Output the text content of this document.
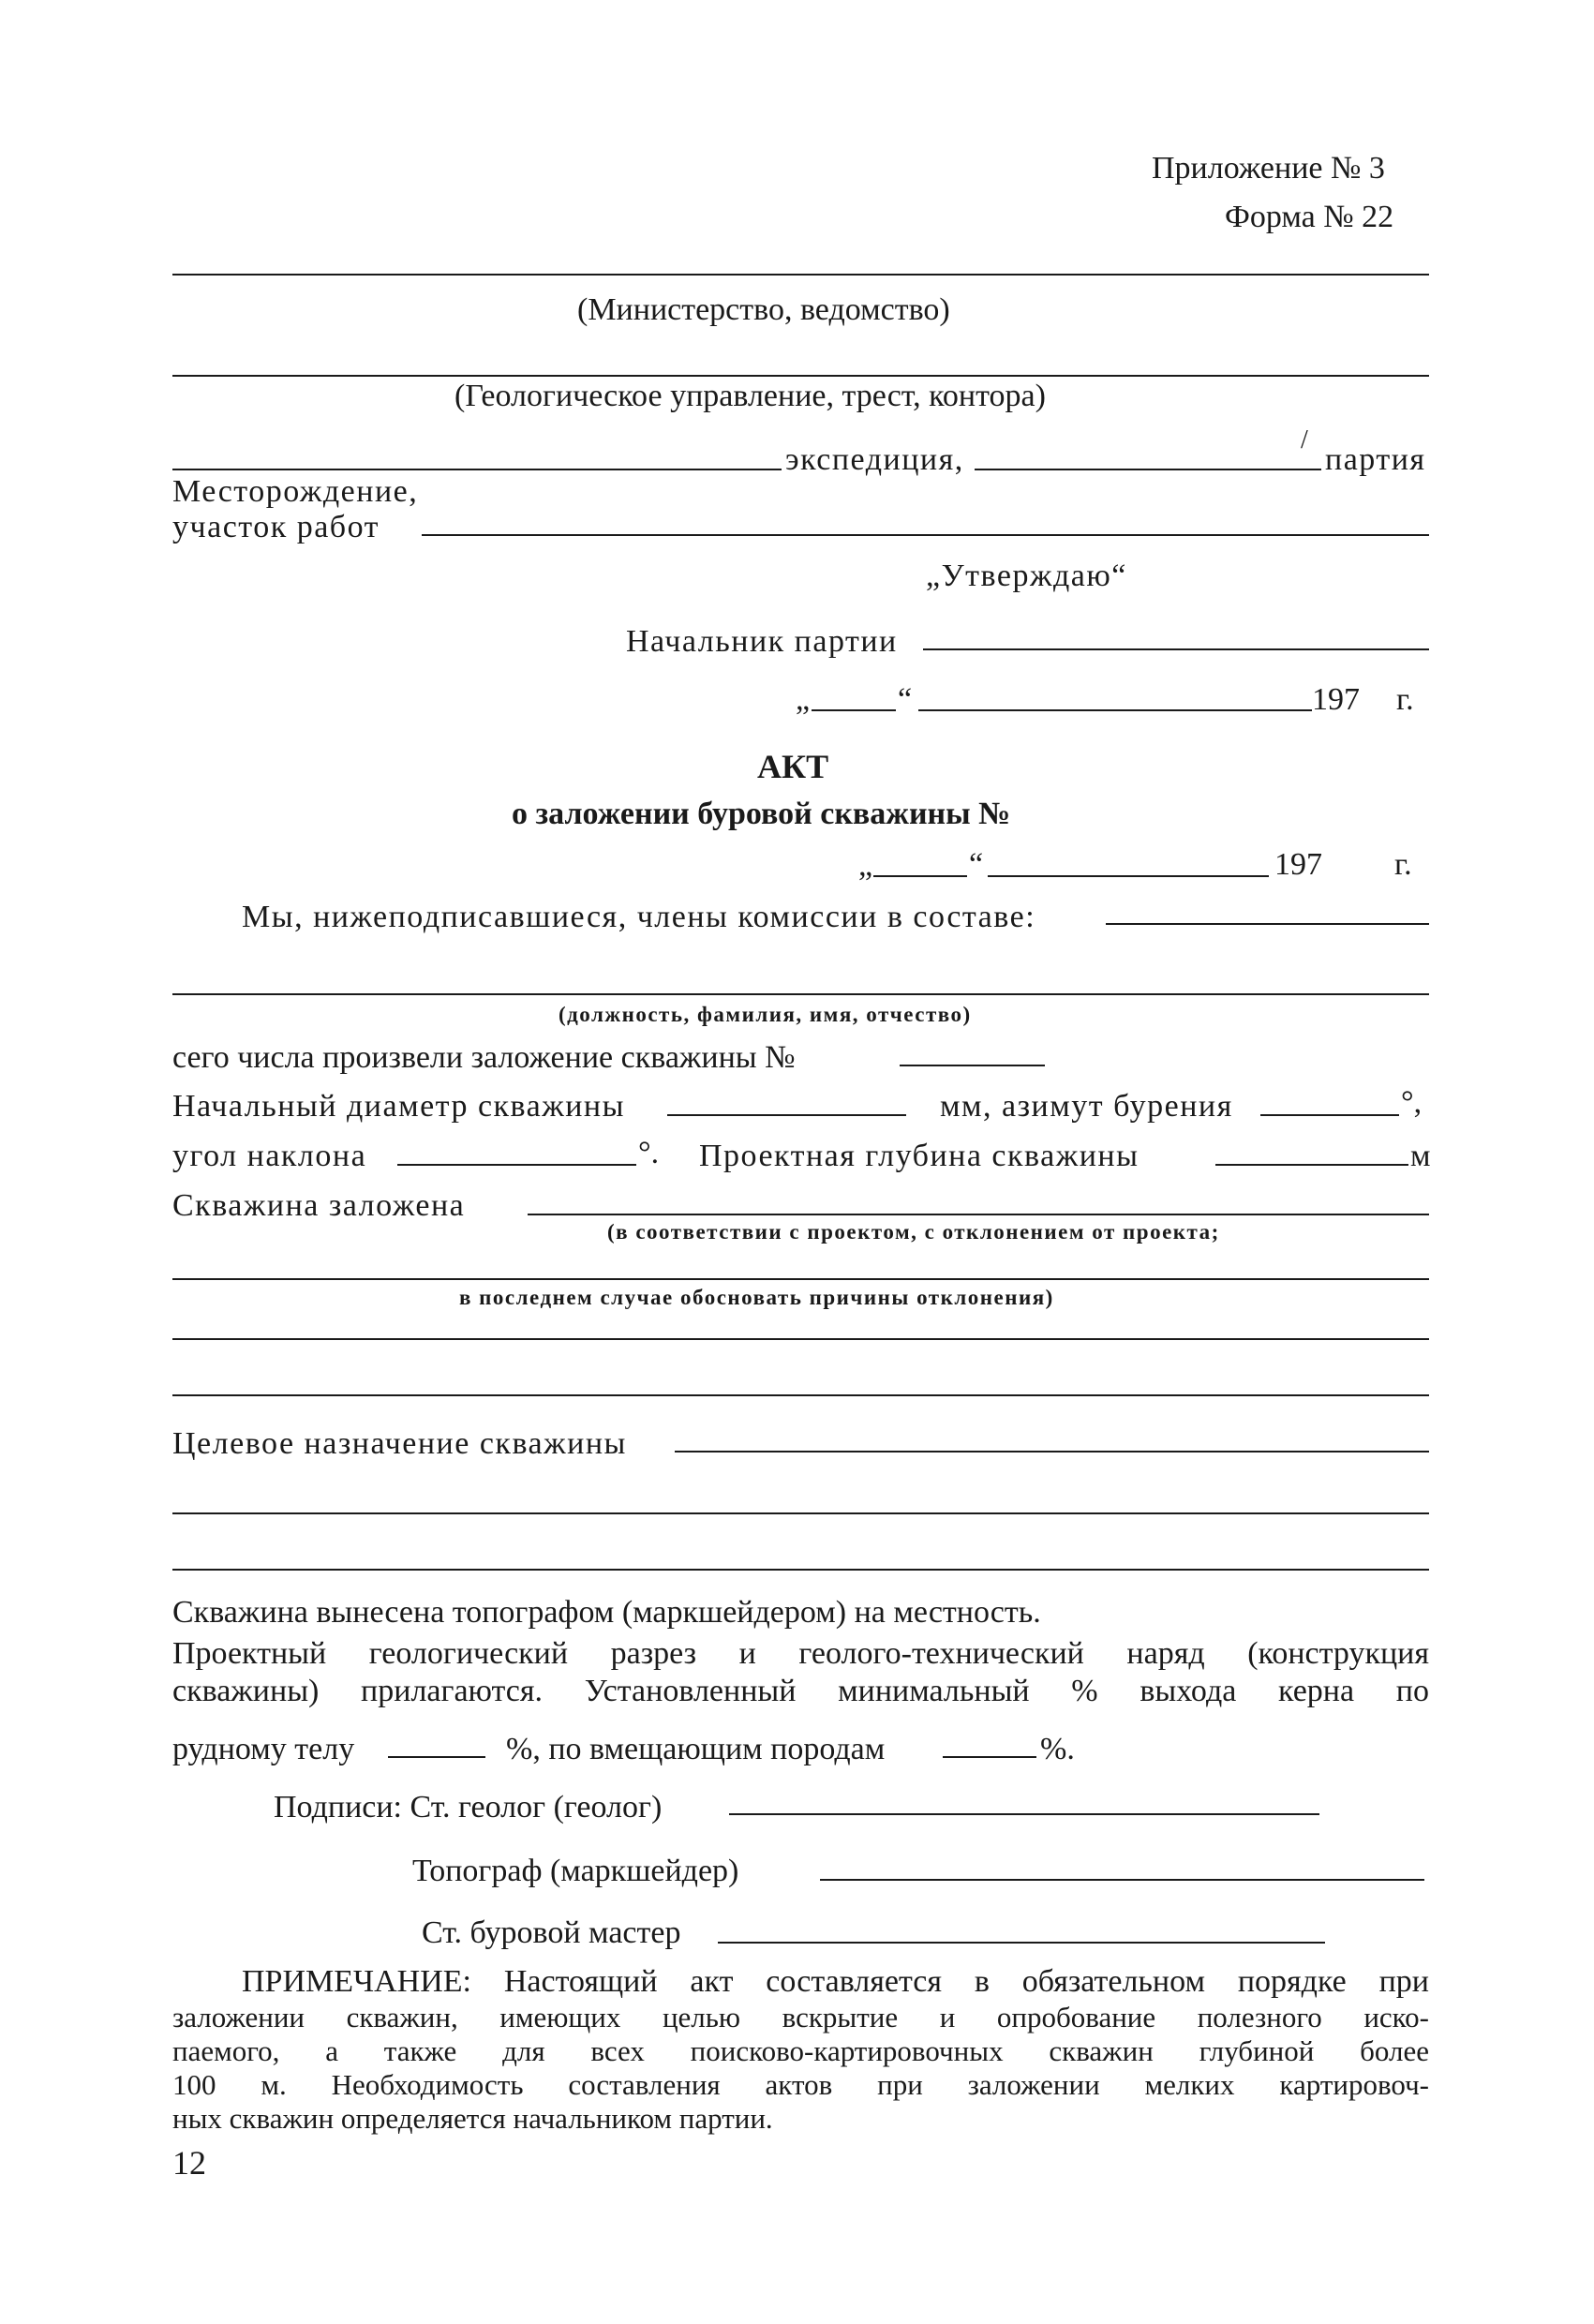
Приложение № 3
Форма № 22
(Министерство, ведомство)
(Геологическое управление, трест, контора)
экспедиция,
/
партия
Месторождение,
участок работ
„Утверждаю“
Начальник партии
„	“	197 г.
АКТ
о заложении буровой скважины №
„	“	197 г.
Мы, нижеподписавшиеся, члены комиссии в составе:
(должность, фамилия, имя, отчество)
сего числа произвели заложение скважины №
Начальный диаметр скважины	мм, азимут бурения	°,
угол наклона	°. Проектная глубина скважины	м
Скважина заложена
(в соответствии с проектом, с отклонением от проекта;
в последнем случае обосновать причины отклонения)
Целевое назначение скважины
Скважина вынесена топографом (маркшейдером) на местность.
Проектный геологический разрез и геолого-технический наряд (конструкция
скважины) прилагаются. Установленный минимальный % выхода керна по
рудному телу	%, по вмещающим породам	%.
Подписи: Ст. геолог (геолог)
Топограф (маркшейдер)
Ст. буровой мастер
ПРИМЕЧАНИЕ: Настоящий акт составляется в обязательном порядке при
заложении скважин, имеющих целью вскрытие и опробование полезного иско-
паемого, а также для всех поисково-картировочных скважин глубиной более
100 м. Необходимость составления актов при заложении мелких картировоч-
ных скважин определяется начальником партии.
12
